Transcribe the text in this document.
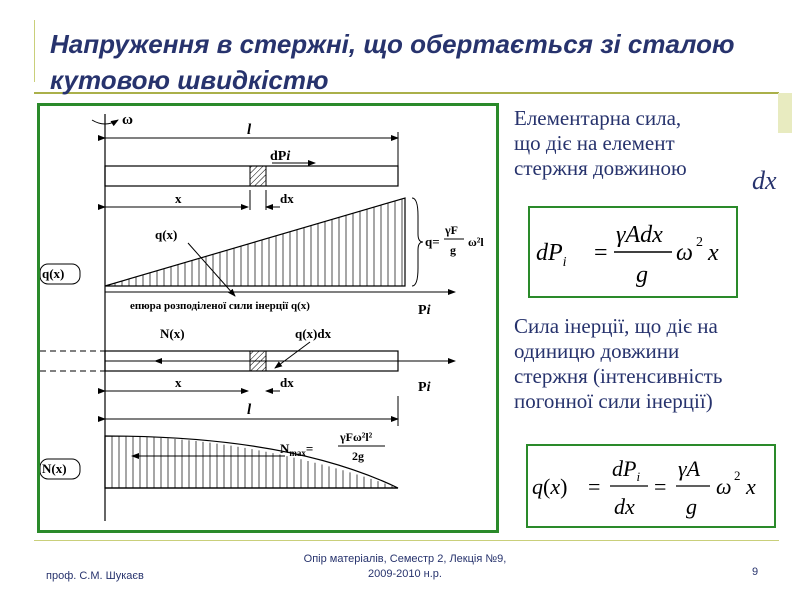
Напруження в стержні, що обертається зі сталою кутовою швидкістю
ω
l
dPi
x	dx
q(x)	q=
γF
g
ω²l
q(x)
епюра розподіленої сили інерції q(x)	Pi
N(x)	q(x)dx
x	dx	Pi
l
$N_{max}=$
γFω²l²
2g
N(x)
Елементарна сила,
що діє на елемент
стержня довжиною	dx
$dP_i$ =
γAdx
g
ω 2 x
Сила інерції, що діє на
одиницю довжини
стержня (інтенсивність
погонної сили інерції)
q(x) =
$dP_i$
dx
=
γA
g
ω 2 x
проф. С.М. Шукаєв
Опір матеріалів, Семестр 2, Лекція №9,
2009-2010 н.р.	9
